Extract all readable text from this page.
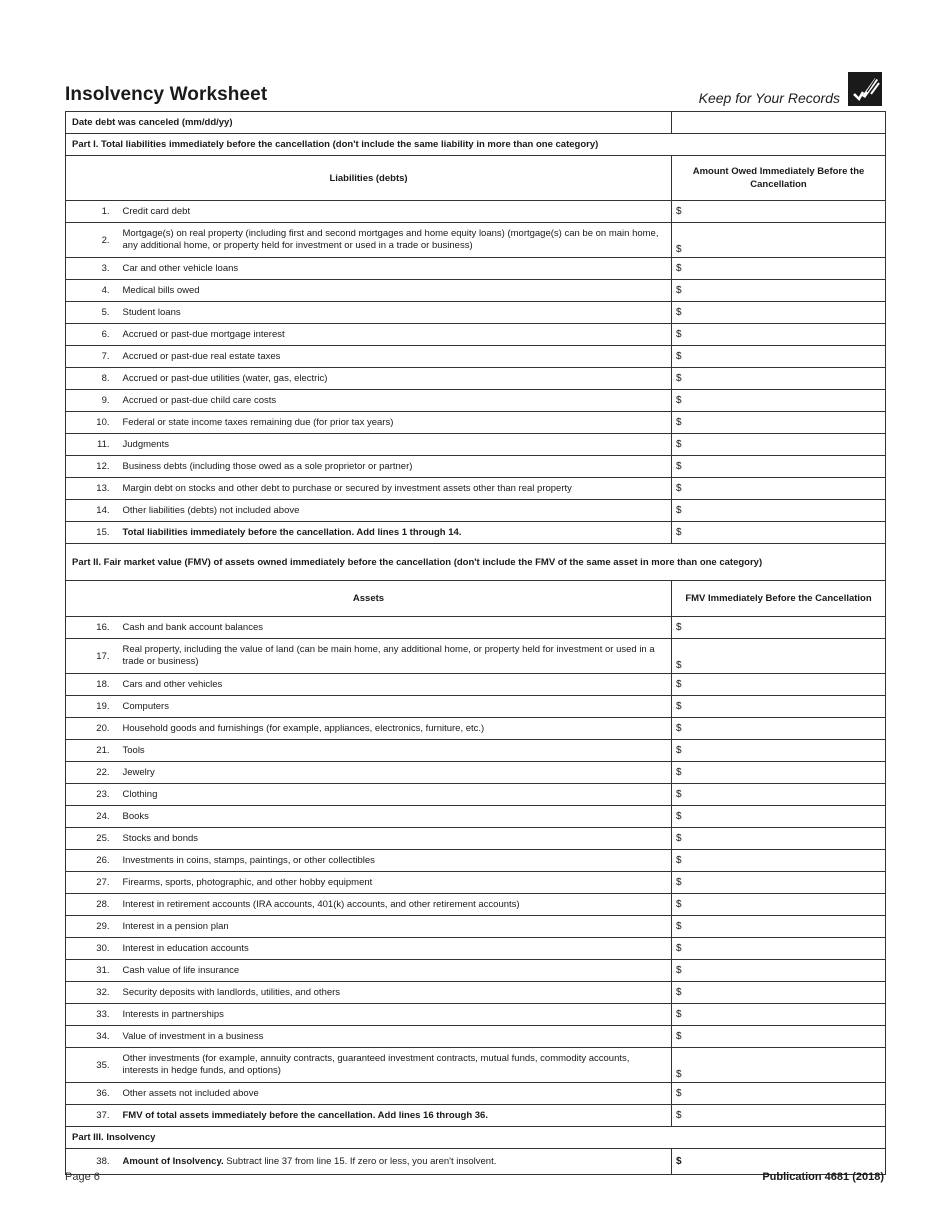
Insolvency Worksheet	Keep for Your Records
Date debt was canceled (mm/dd/yy)		
Part I. Total liabilities immediately before the cancellation (don't include the same liability in more than one category)		
Liabilities (debts)		Amount Owed Immediately Before the Cancellation
1.	Credit card debt	$
2.	Mortgage(s) on real property (including first and second mortgages and home equity loans) (mortgage(s) can be on main home, any additional home, or property held for investment or used in a trade or business)	$
3.	Car and other vehicle loans	$
4.	Medical bills owed	$
5.	Student loans	$
6.	Accrued or past-due mortgage interest	$
7.	Accrued or past-due real estate taxes	$
8.	Accrued or past-due utilities (water, gas, electric)	$
9.	Accrued or past-due child care costs	$
10.	Federal or state income taxes remaining due (for prior tax years)	$
11.	Judgments	$
12.	Business debts (including those owed as a sole proprietor or partner)	$
13.	Margin debt on stocks and other debt to purchase or secured by investment assets other than real property	$
14.	Other liabilities (debts) not included above	$
15.	Total liabilities immediately before the cancellation. Add lines 1 through 14.	$
Part II. Fair market value (FMV) of assets owned immediately before the cancellation (don't include the FMV of the same asset in more than one category)		
Assets		FMV Immediately Before the Cancellation
16.	Cash and bank account balances	$
17.	Real property, including the value of land (can be main home, any additional home, or property held for investment or used in a trade or business)	$
18.	Cars and other vehicles	$
19.	Computers	$
20.	Household goods and furnishings (for example, appliances, electronics, furniture, etc.)	$
21.	Tools	$
22.	Jewelry	$
23.	Clothing	$
24.	Books	$
25.	Stocks and bonds	$
26.	Investments in coins, stamps, paintings, or other collectibles	$
27.	Firearms, sports, photographic, and other hobby equipment	$
28.	Interest in retirement accounts (IRA accounts, 401(k) accounts, and other retirement accounts)	$
29.	Interest in a pension plan	$
30.	Interest in education accounts	$
31.	Cash value of life insurance	$
32.	Security deposits with landlords, utilities, and others	$
33.	Interests in partnerships	$
34.	Value of investment in a business	$
35.	Other investments (for example, annuity contracts, guaranteed investment contracts, mutual funds, commodity accounts, interests in hedge funds, and options)	$
36.	Other assets not included above	$
37.	FMV of total assets immediately before the cancellation. Add lines 16 through 36.	$
Part III. Insolvency		
38.	Amount of Insolvency. Subtract line 37 from line 15. If zero or less, you aren't insolvent.	$
Page 6	Publication 4681 (2018)
